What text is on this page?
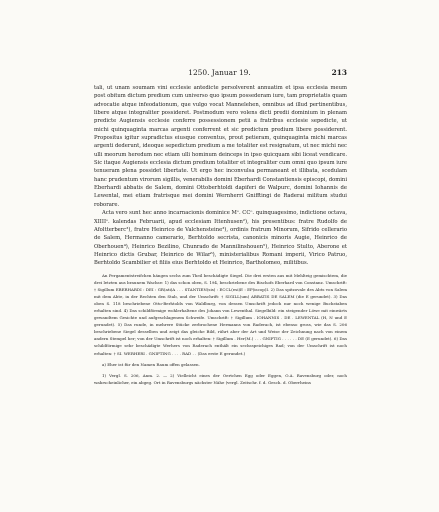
1250. Januar 19.	213

tali, ut unam soumam vini ecclesie antedicte persolverent annuatim et ipsa ecclesia meum post obitum dictum predium cum universo quo ipsum possederam iure, tam proprietatis quam advocatie atque infeodationum, que vulgo vocat Mannelehen, omnibus ad illud pertinentibus, libere atque integraliter possideret. Postmodum vero volens dicti predii dominium in plenam predicte Augiensis ecclesie conferre possessionem petii a fratribus ecclesie sepedicte, ut michi quinquaginta marcas argenti conferrent et sic predictum predium libere possiderent. Propositus igitur supradictus eiusque conventus, prout petieram, quinquaginta michi marcas argenti dederunt, ideoque sepedictum predium a me totaliter est resignatum, ut nec michi nec ulli meorum heredum nec etiam ulli hominum deinceps in ipso quicquam sibi liceat vendicare. Sic itaque Augiensis ecclesia dictum predium totaliter et integraliter cum omni quo ipsum iure tenueram plena possidet libertate. Ut ergo hec inconvulsa permaneant et illibata, scedulam hanc prudentum virorum sigillis, venerabilis domini Eberhardi Constantiensis episcopi, domini Eberhardi abbatis de Salem, domini Ottoberhtoldi dapiferi de Walpurc, domini Iohannis de Lewental, mei etiam fratrisque mei domini Wernherri Gnifftingi de Raderai militum studui roborare.

Acta vero sunt hec anno incarnacionis dominice Mᵒ. CCᵒ. quinquagesimo, indictione octava, XIIIIᵒ. kalendas Februarii, apud ecclesiam Ittenhusen²), his presentibus: fratre Rudolfo de Afoltterberc³), fratre Heinrico de Valchensteine³), ordinis fratrum Minorum, Sifrido cellerario de Salem, Hermanno camerario, Berhtoldo secrista, canonicis minoris Augie, Heinrico de Oberhouen⁴), Heinrico Bezilino, Chunrado de Mannilinshouen⁵), Heinrico Stulto, Aberone et Heinrico dictis Grubar, Heinrico de Wilar⁶), ministerialibus Romani imperii, Virico Patruo, Berhtoldo Scambilier et filiis eius Berhtoldo et Heinrico, Bartholomeo, militibus.

An Pergamentstreifchen hängen sechs zum Theil beschädigte Siegel. Die drei ersten aus mit Mehlteig gemischtem, die drei letzten aus braunem Wachse: 1) das schon oben, S. 194, beschriebene des Bischofs Eberhard von Constanz. Umschrift: † Sigillum EBERHARDI : DEI : GR(ati)A . . . STANTIEN(sis) : ECCL(esi)E : EP(iscop)I. 2) Das spitzovale des Abts von Salem mit dem Abte, in der Rechten den Stab, und der Umschrift: † SIGILL(um) ABBATIS DE SALEM (die E gerundet). 3) Das oben S. 118 beschriebene Otto-Berhtolds von Waldburg, von dessen Umschrift jedoch nur noch wenige Buchstaben erhalten sind. 4) Das schildförmige wohlerhaltene des Johann von Lewenthal. Siegelbild: ein steigender Löwe mit einwärts gewandtem Gesichte und aufgeschlagenem Schweife. Umschrift: † Sigillum . IOHANNIS . DE . LEWENTAL (H, N und E gerundet). 5) Das runde, in mehrere Stücke zerbrochene Hermanns von Raderach, ist ebenso gross, wie das S. 206 beschriebene Siegel desselben und zeigt das gleiche Bild, rührt aber der Art und Weise der Zeichnung nach von einem andern Stempel her; von der Umschrift ist noch erhalten: † Sigillum . Her(M.) . . . GNIFTIG . . . . . . DE (E gerundet). 6) Das schildförmige sehr beschädigte Werhers von Raderach enthält ein sechsspeichiges Rad; von der Umschrift ist noch erhalten: † SI. WERHERI . GNIFTING . . . . RAD . . (Das erste E gerundet.)

a) Eher ist für den Namen Raum offen gelassen.

1) Vergl. S. 206, Anm. 2. — 2) Vielleicht eines der Oertchen Egg oder Eggen, O.A. Ravensburg oder, noch wahrscheinlicher, ein abgeg. Ort in Ravensburgs nächster Nähe (vergl. Zeitschr. f. d. Gesch. d. Oberrheins
